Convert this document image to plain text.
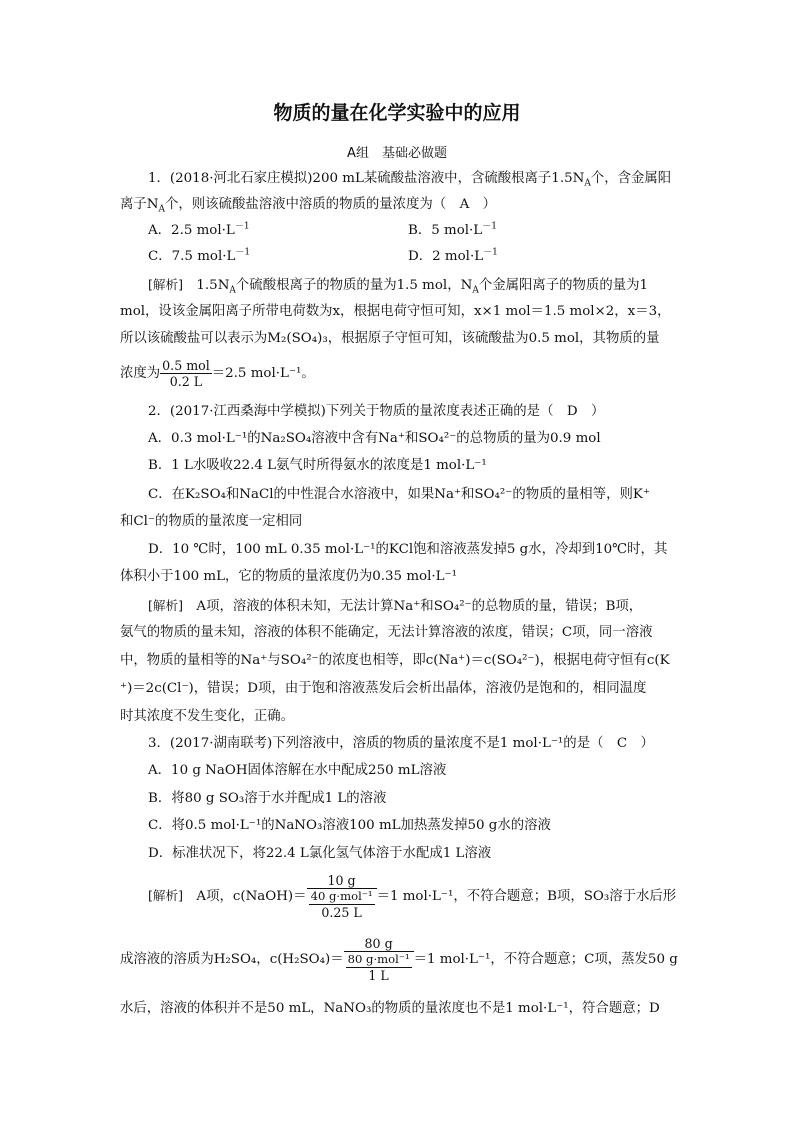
物质的量在化学实验中的应用
A组　基础必做题
1．(2018·河北石家庄模拟)200 mL某硫酸盐溶液中，含硫酸根离子$1.5N_A$个，含金属阳
离子$N_A$个，则该硫酸盐溶液中溶质的物质的量浓度为（　A　）
A．2.5 $mol\cdot L^{-1}$	B．5 $mol\cdot L^{-1}$
C．7.5 $mol\cdot L^{-1}$	D．2 $mol\cdot L^{-1}$
[解析]　$1.5N_A$个硫酸根离子的物质的量为1.5 mol，$N_A$个金属阳离子的物质的量为1
mol，设该金属阳离子所带电荷数为x，根据电荷守恒可知，x×1 mol＝1.5 mol×2，x＝3，
所以该硫酸盐可以表示为M₂(SO₄)₃，根据原子守恒可知，该硫酸盐为0.5 mol，其物质的量
浓度为 $\frac{\text{0.5 mol}}{0.2 L} =2.5$ mol·L⁻¹。
2．(2017·江西桑海中学模拟)下列关于物质的量浓度表述正确的是（　D　）
A．0.3 mol·L⁻¹的Na₂SO₄溶液中含有Na⁺和SO₄²⁻的总物质的量为0.9 mol
B．1 L水吸收22.4 L氨气时所得氨水的浓度是1 mol·L⁻¹
C．在K₂SO₄和NaCl的中性混合水溶液中，如果Na⁺和SO₄²⁻的物质的量相等，则K⁺
和Cl⁻的物质的量浓度一定相同
D．10 ℃时，100 mL 0.35 mol·L⁻¹的KCl饱和溶液蒸发掉5 g水，冷却到10℃时，其
体积小于100 mL，它的物质的量浓度仍为0.35 mol·L⁻¹
[解析]　A项，溶液的体积未知，无法计算Na⁺和SO₄²⁻的总物质的量，错误；B项，
氨气的物质的量未知，溶液的体积不能确定，无法计算溶液的浓度，错误；C项，同一溶液
中，物质的量相等的Na⁺与SO₄²⁻的浓度也相等，即c(Na⁺)＝c(SO₄²⁻)，根据电荷守恒有c(K
⁺)＝2c(Cl⁻)，错误；D项，由于饱和溶液蒸发后会析出晶体，溶液仍是饱和的，相同温度
时其浓度不发生变化，正确。
3．(2017·湖南联考)下列溶液中，溶质的物质的量浓度不是1 mol·L⁻¹的是（　C　）
A．10 g NaOH固体溶解在水中配成250 mL溶液
B．将80 g SO₃溶于水并配成1 L的溶液
C．将0.5 mol·L⁻¹的NaNO₃溶液100 mL加热蒸发掉50 g水的溶液
D．标准状况下，将22.4 L氯化氢气体溶于水配成1 L溶液
[解析]　A项，c(NaOH)＝
10 g
40 g·mol⁻¹
0.25 L
＝1 mol·L⁻¹，不符合题意；B项，SO₃溶于水后形
成溶液的溶质为H₂SO₄，c(H₂SO₄)＝
80 g
80 g·mol⁻¹
1 L
＝1 mol·L⁻¹，不符合题意；C项，蒸发50 g
水后，溶液的体积并不是50 mL，NaNO₃的物质的量浓度也不是1 mol·L⁻¹，符合题意；D
